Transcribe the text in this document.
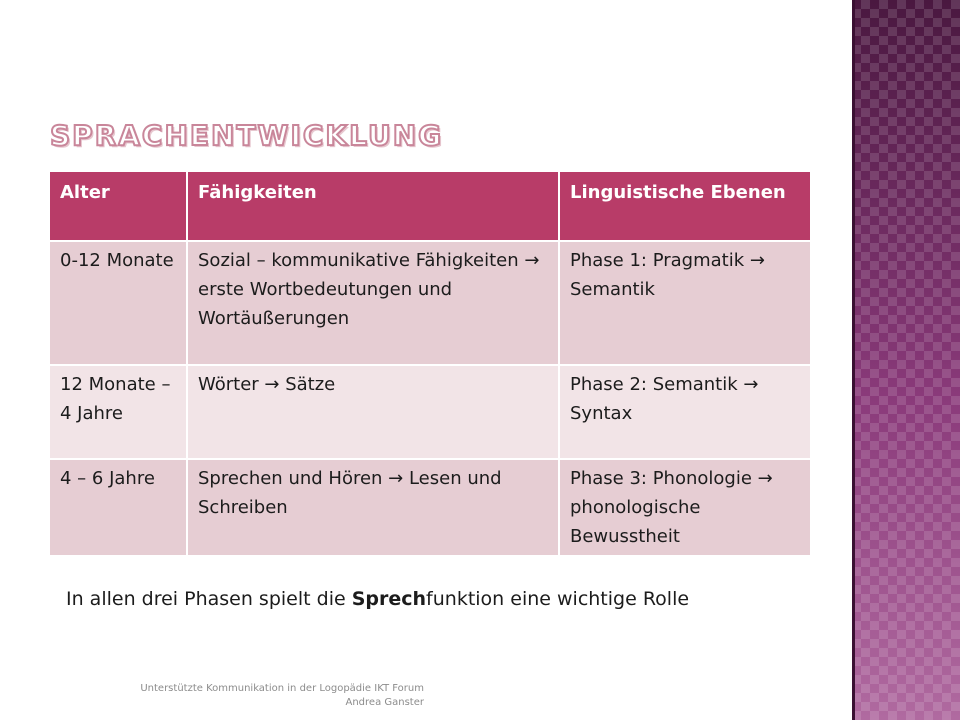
sprachentwicklung
Alter	Fähigkeiten	Linguistische Ebenen
0-12 Monate	Sozial – kommunikative Fähigkeiten → erste Wortbedeutungen und Wortäußerungen	Phase 1: Pragmatik → Semantik
12 Monate – 4 Jahre	Wörter → Sätze	Phase 2: Semantik → Syntax
4 – 6 Jahre	Sprechen und Hören → Lesen und Schreiben	Phase 3: Phonologie → phonologische Bewusstheit

In allen drei Phasen spielt die Sprechfunktion eine wichtige Rolle

Unterstützte Kommunikation in der Logopädie IKT Forum
Andrea Ganster
